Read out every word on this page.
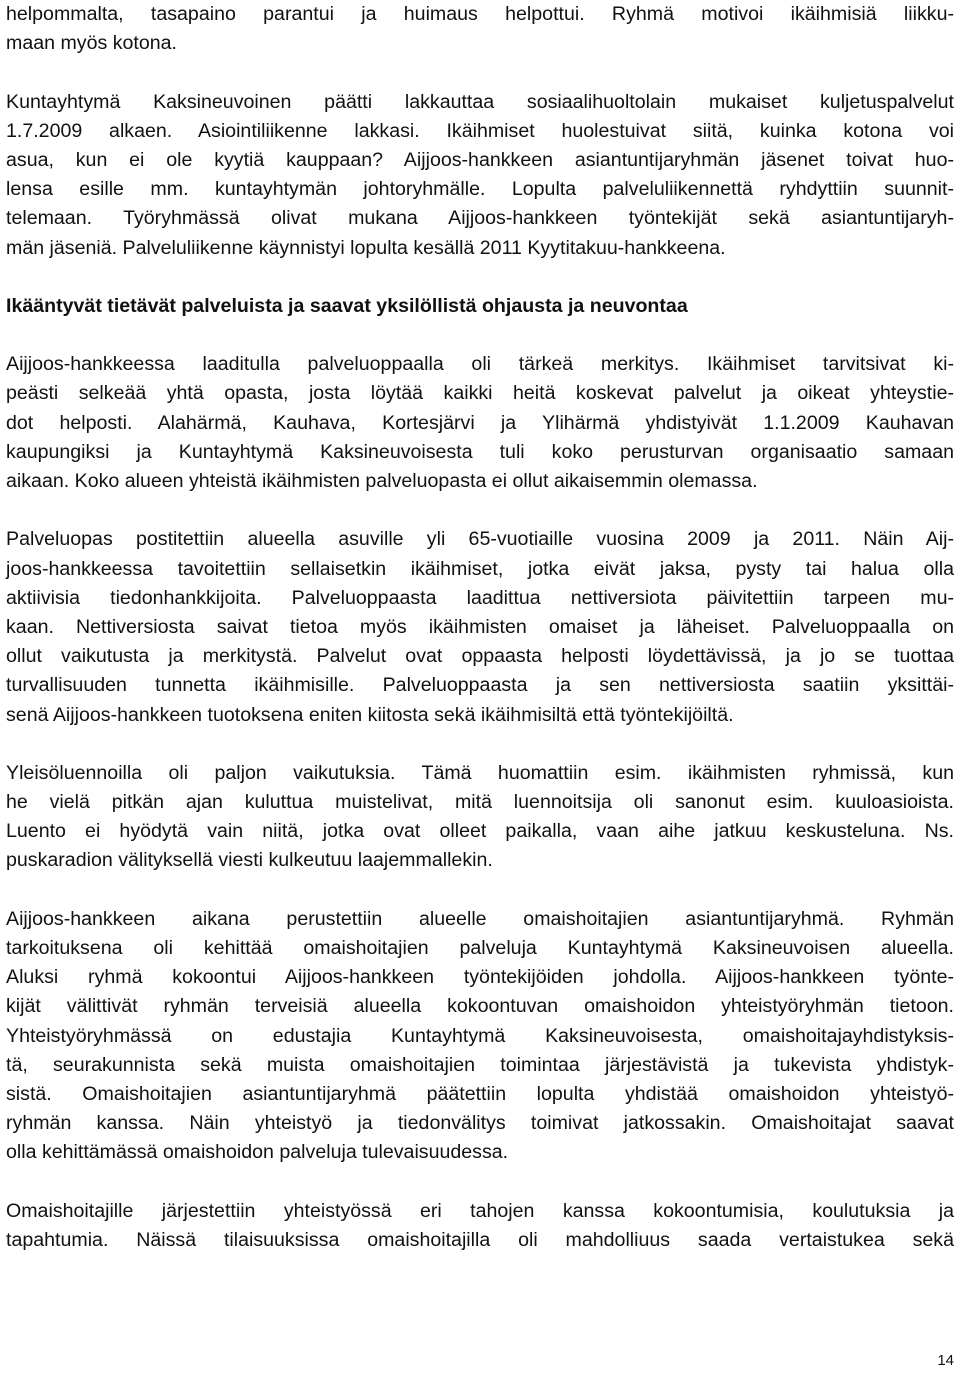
helpommalta, tasapaino parantui ja huimaus helpottui. Ryhmä motivoi ikäihmisiä liikku-
maan myös kotona.
Kuntayhtymä Kaksineuvoinen päätti lakkauttaa sosiaalihuoltolain mukaiset kuljetuspalvelut
1.7.2009 alkaen. Asiointiliikenne lakkasi. Ikäihmiset huolestuivat siitä, kuinka kotona voi
asua, kun ei ole kyytiä kauppaan? Aijjoos-hankkeen asiantuntijaryhmän jäsenet toivat huo-
lensa esille mm. kuntayhtymän johtoryhmälle. Lopulta palveluliikennettä ryhdyttiin suunnit-
telemaan. Työryhmässä olivat mukana Aijjoos-hankkeen työntekijät sekä asiantuntijaryh-
män jäseniä. Palveluliikenne käynnistyi lopulta kesällä 2011 Kyytitakuu-hankkeena.
Ikääntyvät tietävät palveluista ja saavat yksilöllistä ohjausta ja neuvontaa
Aijjoos-hankkeessa laaditulla palveluoppaalla oli tärkeä merkitys. Ikäihmiset tarvitsivat ki-
peästi selkeää yhtä opasta, josta löytää kaikki heitä koskevat palvelut ja oikeat yhteystie-
dot helposti. Alahärmä, Kauhava, Kortesjärvi ja Ylihärmä yhdistyivät 1.1.2009 Kauhavan
kaupungiksi ja Kuntayhtymä Kaksineuvoisesta tuli koko perusturvan organisaatio samaan
aikaan. Koko alueen yhteistä ikäihmisten palveluopasta ei ollut aikaisemmin olemassa.
Palveluopas postitettiin alueella asuville yli 65-vuotiaille vuosina 2009 ja 2011. Näin Aij-
joos-hankkeessa tavoitettiin sellaisetkin ikäihmiset, jotka eivät jaksa, pysty tai halua olla
aktiivisia tiedonhankkijoita. Palveluoppaasta laadittua nettiversiota päivitettiin tarpeen mu-
kaan. Nettiversiosta saivat tietoa myös ikäihmisten omaiset ja läheiset. Palveluoppaalla on
ollut vaikutusta ja merkitystä. Palvelut ovat oppaasta helposti löydettävissä, ja jo se tuottaa
turvallisuuden tunnetta ikäihmisille. Palveluoppaasta ja sen nettiversiosta saatiin yksittäi-
senä Aijjoos-hankkeen tuotoksena eniten kiitosta sekä ikäihmisiltä että työntekijöiltä.
Yleisöluennoilla oli paljon vaikutuksia. Tämä huomattiin esim. ikäihmisten ryhmissä, kun
he vielä pitkän ajan kuluttua muistelivat, mitä luennoitsija oli sanonut esim. kuuloasioista.
Luento ei hyödytä vain niitä, jotka ovat olleet paikalla, vaan aihe jatkuu keskusteluna. Ns.
puskaradion välityksellä viesti kulkeutuu laajemmallekin.
Aijjoos-hankkeen aikana perustettiin alueelle omaishoitajien asiantuntijaryhmä. Ryhmän
tarkoituksena oli kehittää omaishoitajien palveluja Kuntayhtymä Kaksineuvoisen alueella.
Aluksi ryhmä kokoontui Aijjoos-hankkeen työntekijöiden johdolla. Aijjoos-hankkeen työnte-
kijät välittivät ryhmän terveisiä alueella kokoontuvan omaishoidon yhteistyöryhmän tietoon.
Yhteistyöryhmässä on edustajia Kuntayhtymä Kaksineuvoisesta, omaishoitajayhdistyksis-
tä, seurakunnista sekä muista omaishoitajien toimintaa järjestävistä ja tukevista yhdistyk-
sistä. Omaishoitajien asiantuntijaryhmä päätettiin lopulta yhdistää omaishoidon yhteistyö-
ryhmän kanssa. Näin yhteistyö ja tiedonvälitys toimivat jatkossakin. Omaishoitajat saavat
olla kehittämässä omaishoidon palveluja tulevaisuudessa.
Omaishoitajille järjestettiin yhteistyössä eri tahojen kanssa kokoontumisia, koulutuksia ja
tapahtumia. Näissä tilaisuuksissa omaishoitajilla oli mahdolliuus saada vertaistukea sekä
14
